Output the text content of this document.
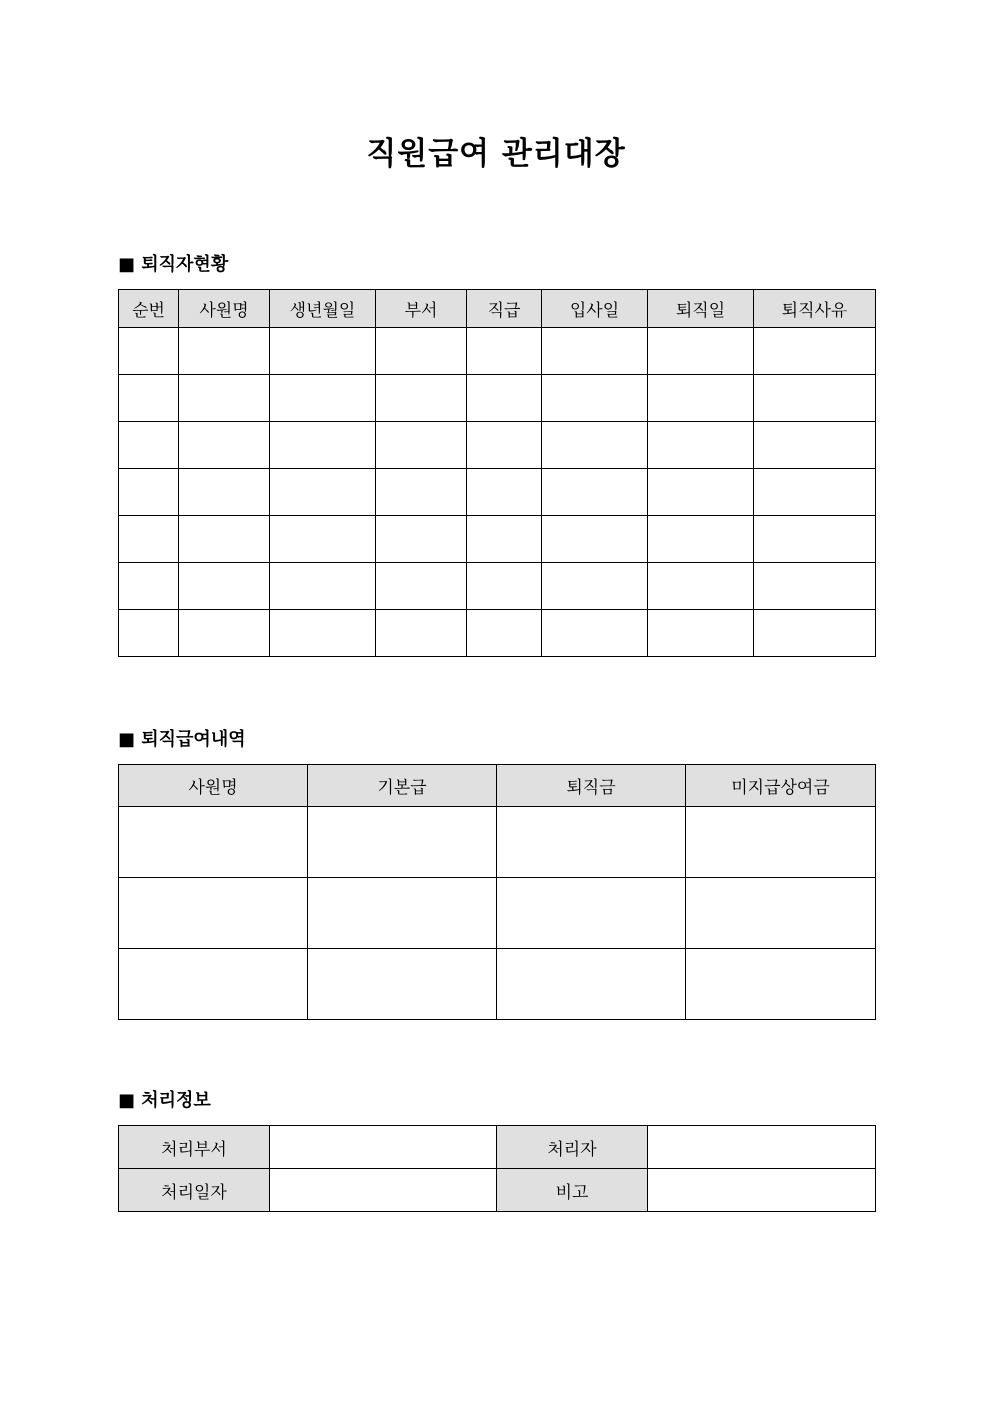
직원급여 관리대장
■ 퇴직자현황
순번	사원명	생년월일	부서	직급	입사일	퇴직일	퇴직사유

■ 퇴직급여내역
사원명	기본급	퇴직금	미지급상여금

■ 처리정보
처리부서		처리자	
처리일자		비고	
